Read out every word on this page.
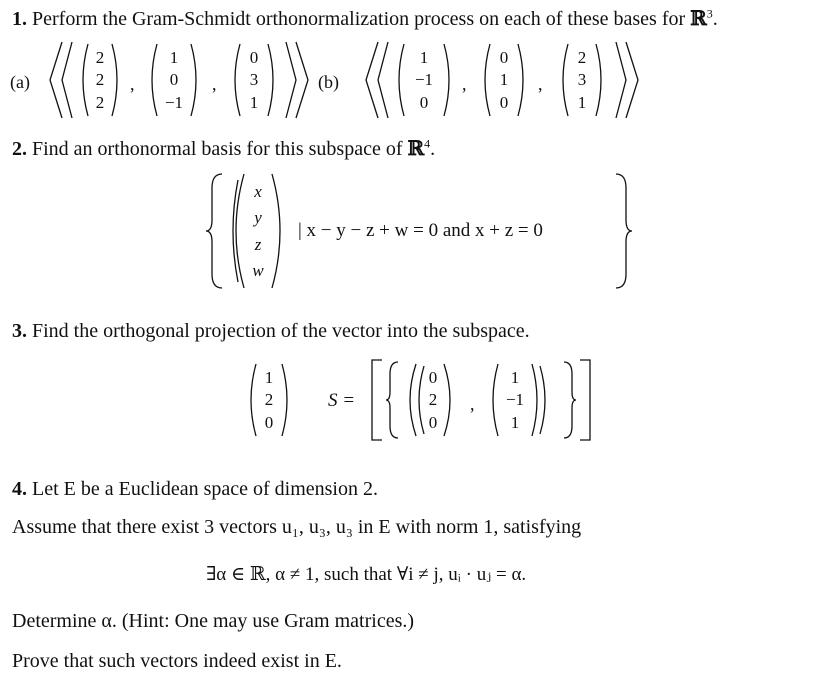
1. Perform the Gram-Schmidt orthonormalization process on each of these bases for ℝ$^3$.
(a)	(b)
2
2
2
,
1
0
−1
,
0
3
1
1
−1
0
,
0
1
0
,
2
3
1
2. Find an orthonormal basis for this subspace of ℝ$^4$.
x
y
z
w
| x − y − z + w = 0 and x + z = 0
3. Find the orthogonal projection of the vector into the subspace.
1
2
0
S =
0
2
0
,
1
−1
1
4. Let E be a Euclidean space of dimension 2.
Assume that there exist 3 vectors u₁, u₃, u₃ in E with norm 1, satisfying
∃α ∈ ℝ, α ≠ 1, such that ∀i ≠ j, uᵢ · uⱼ = α.
Determine α. (Hint: One may use Gram matrices.)
Prove that such vectors indeed exist in E.
